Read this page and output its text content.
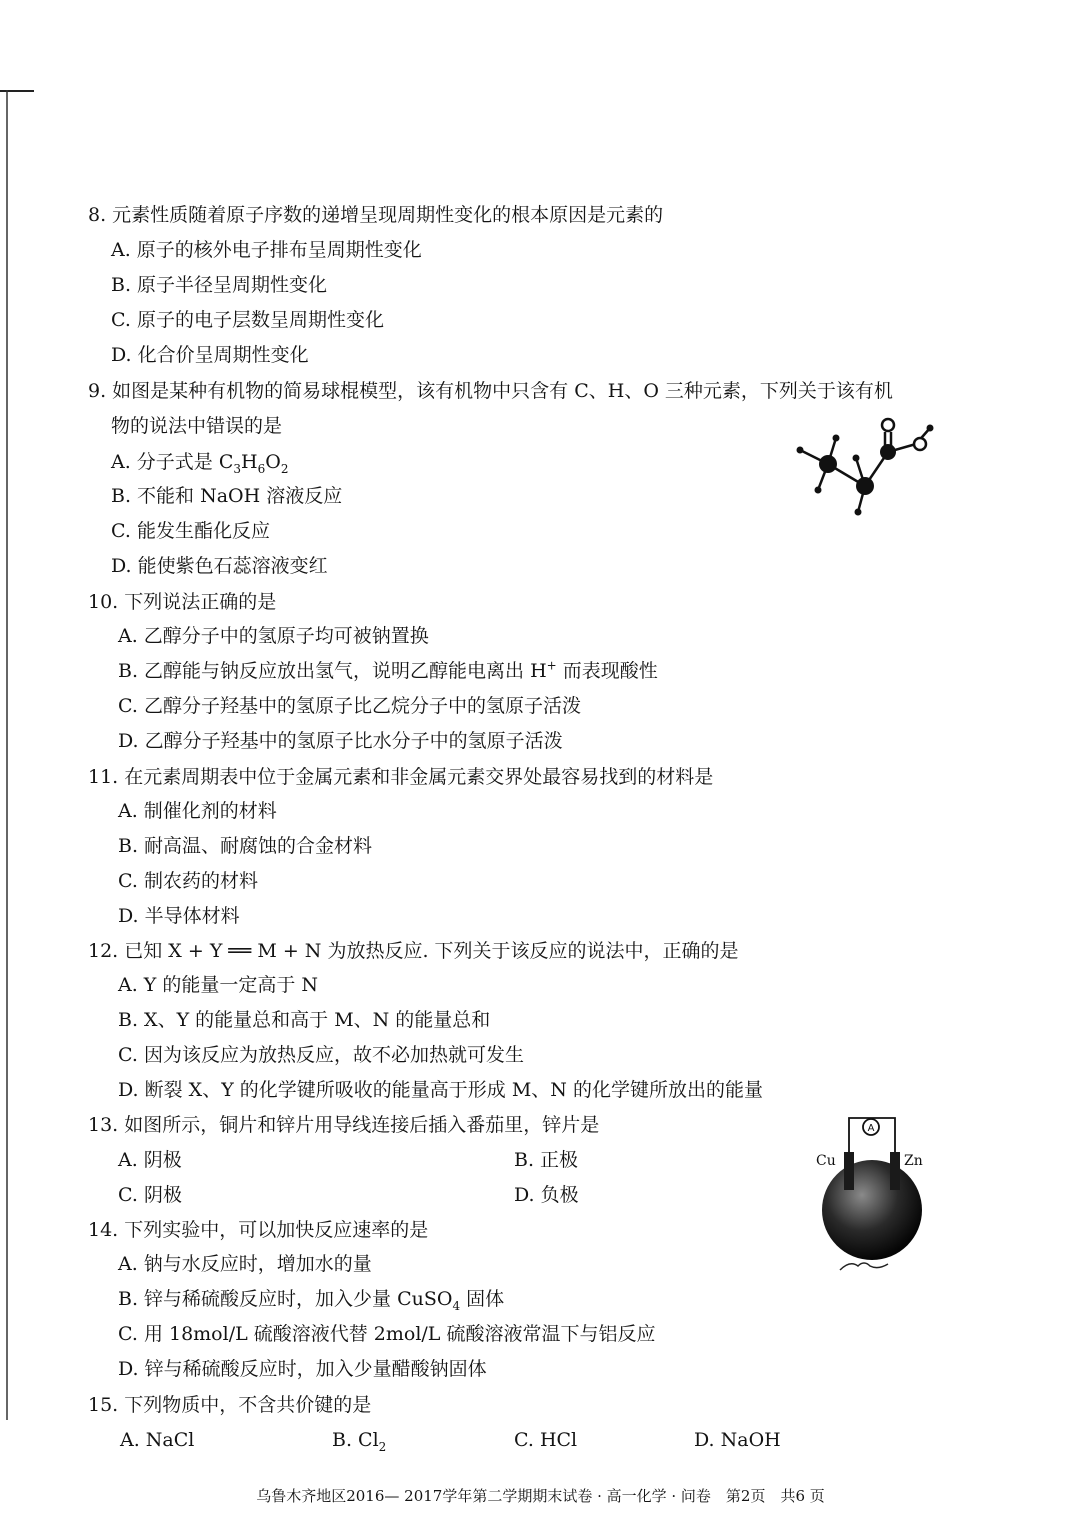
8. 元素性质随着原子序数的递增呈现周期性变化的根本原因是元素的
A. 原子的核外电子排布呈周期性变化
B. 原子半径呈周期性变化
C. 原子的电子层数呈周期性变化
D. 化合价呈周期性变化
9. 如图是某种有机物的简易球棍模型，该有机物中只含有 C、H、O 三种元素，下列关于该有机
物的说法中错误的是
A. 分子式是 $C_3H_6O_2$
B. 不能和 NaOH 溶液反应
C. 能发生酯化反应
D. 能使紫色石蕊溶液变红
10. 下列说法正确的是
A. 乙醇分子中的氢原子均可被钠置换
B. 乙醇能与钠反应放出氢气，说明乙醇能电离出 H+ 而表现酸性
C. 乙醇分子羟基中的氢原子比乙烷分子中的氢原子活泼
D. 乙醇分子羟基中的氢原子比水分子中的氢原子活泼
11. 在元素周期表中位于金属元素和非金属元素交界处最容易找到的材料是
A. 制催化剂的材料
B. 耐高温、耐腐蚀的合金材料
C. 制农药的材料
D. 半导体材料
12. 已知 X + Y ══ M + N 为放热反应. 下列关于该反应的说法中，正确的是
A. Y 的能量一定高于 N
B. X、Y 的能量总和高于 M、N 的能量总和
C. 因为该反应为放热反应，故不必加热就可发生
D. 断裂 X、Y 的化学键所吸收的能量高于形成 M、N 的化学键所放出的能量
13. 如图所示，铜片和锌片用导线连接后插入番茄里，锌片是
A. 阴极	B. 正极
C. 阴极	D. 负极
A
Cu	Zn
14. 下列实验中，可以加快反应速率的是
A. 钠与水反应时，增加水的量
B. 锌与稀硫酸反应时，加入少量 CuSO$_4$ 固体
C. 用 18mol/L 硫酸溶液代替 2mol/L 硫酸溶液常温下与铝反应
D. 锌与稀硫酸反应时，加入少量醋酸钠固体
15. 下列物质中，不含共价键的是
A. NaCl	B. $Cl_2$	C. HCl	D. NaOH
乌鲁木齐地区2016— 2017学年第二学期期末试卷 · 高一化学 · 问卷　第2页　共6 页
